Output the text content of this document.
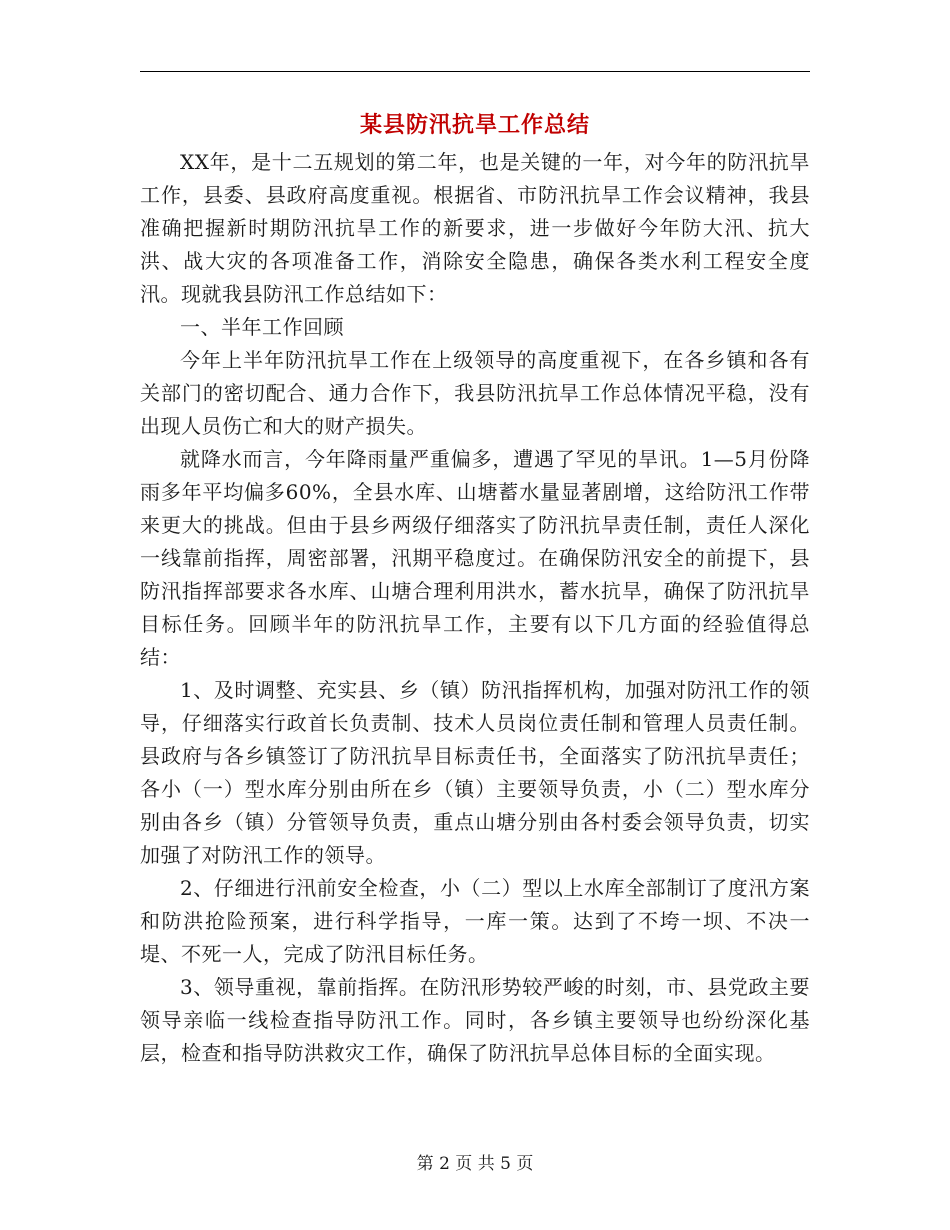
某县防汛抗旱工作总结

XX年，是十二五规划的第二年，也是关键的一年，对今年的防汛抗旱工作，县委、县政府高度重视。根据省、市防汛抗旱工作会议精神，我县准确把握新时期防汛抗旱工作的新要求，进一步做好今年防大汛、抗大洪、战大灾的各项准备工作，消除安全隐患，确保各类水利工程安全度汛。现就我县防汛工作总结如下：

一、半年工作回顾

今年上半年防汛抗旱工作在上级领导的高度重视下，在各乡镇和各有关部门的密切配合、通力合作下，我县防汛抗旱工作总体情况平稳，没有出现人员伤亡和大的财产损失。

就降水而言，今年降雨量严重偏多，遭遇了罕见的旱讯。1—5月份降雨多年平均偏多60%，全县水库、山塘蓄水量显著剧增，这给防汛工作带来更大的挑战。但由于县乡两级仔细落实了防汛抗旱责任制，责任人深化一线靠前指挥，周密部署，汛期平稳度过。在确保防汛安全的前提下，县防汛指挥部要求各水库、山塘合理利用洪水，蓄水抗旱，确保了防汛抗旱目标任务。回顾半年的防汛抗旱工作，主要有以下几方面的经验值得总结：

1、及时调整、充实县、乡（镇）防汛指挥机构，加强对防汛工作的领导，仔细落实行政首长负责制、技术人员岗位责任制和管理人员责任制。县政府与各乡镇签订了防汛抗旱目标责任书，全面落实了防汛抗旱责任；各小（一）型水库分别由所在乡（镇）主要领导负责，小（二）型水库分别由各乡（镇）分管领导负责，重点山塘分别由各村委会领导负责，切实加强了对防汛工作的领导。

2、仔细进行汛前安全检查，小（二）型以上水库全部制订了度汛方案和防洪抢险预案，进行科学指导，一库一策。达到了不垮一坝、不决一堤、不死一人，完成了防汛目标任务。

3、领导重视，靠前指挥。在防汛形势较严峻的时刻，市、县党政主要领导亲临一线检查指导防汛工作。同时，各乡镇主要领导也纷纷深化基层，检查和指导防洪救灾工作，确保了防汛抗旱总体目标的全面实现。

第 2 页 共 5 页
